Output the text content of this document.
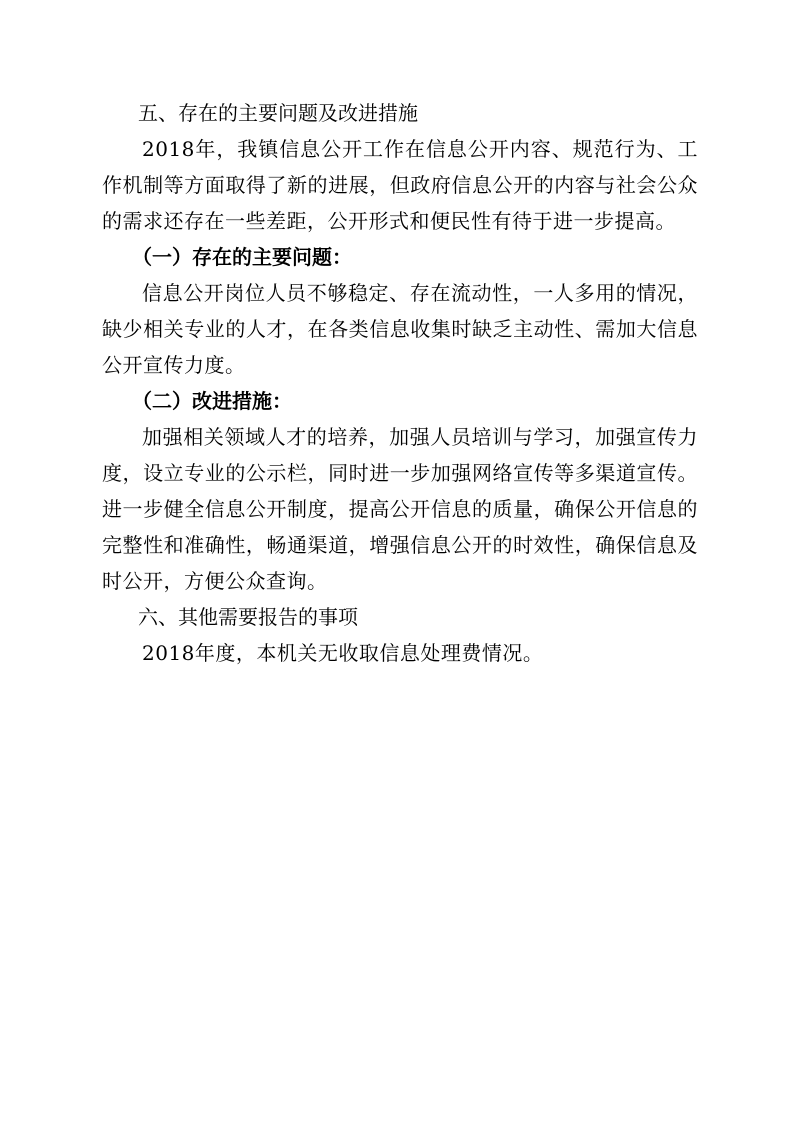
五、存在的主要问题及改进措施

2018年，我镇信息公开工作在信息公开内容、规范行为、工作机制等方面取得了新的进展，但政府信息公开的内容与社会公众的需求还存在一些差距，公开形式和便民性有待于进一步提高。

（一）存在的主要问题：

信息公开岗位人员不够稳定、存在流动性，一人多用的情况，缺少相关专业的人才，在各类信息收集时缺乏主动性、需加大信息公开宣传力度。

（二）改进措施：

加强相关领域人才的培养，加强人员培训与学习，加强宣传力度，设立专业的公示栏，同时进一步加强网络宣传等多渠道宣传。进一步健全信息公开制度，提高公开信息的质量，确保公开信息的完整性和准确性，畅通渠道，增强信息公开的时效性，确保信息及时公开，方便公众查询。

六、其他需要报告的事项

2018年度，本机关无收取信息处理费情况。
